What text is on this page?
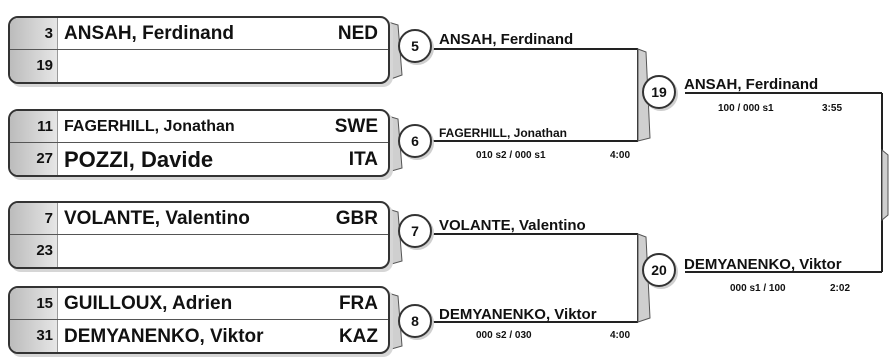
3 ANSAH, Ferdinand	NED
19
11 FAGERHILL, Jonathan	SWE
27 POZZI, Davide	ITA
7 VOLANTE, Valentino	GBR
23
15 GUILLOUX, Adrien	FRA
31 DEMYANENKO, Viktor	KAZ
5	ANSAH, Ferdinand
6	FAGERHILL, Jonathan
010 s2 / 000 s1	4:00
7	VOLANTE, Valentino
8	DEMYANENKO, Viktor
000 s2 / 030	4:00
19	ANSAH, Ferdinand
100 / 000 s1	3:55
20	DEMYANENKO, Viktor
000 s1 / 100	2:02
